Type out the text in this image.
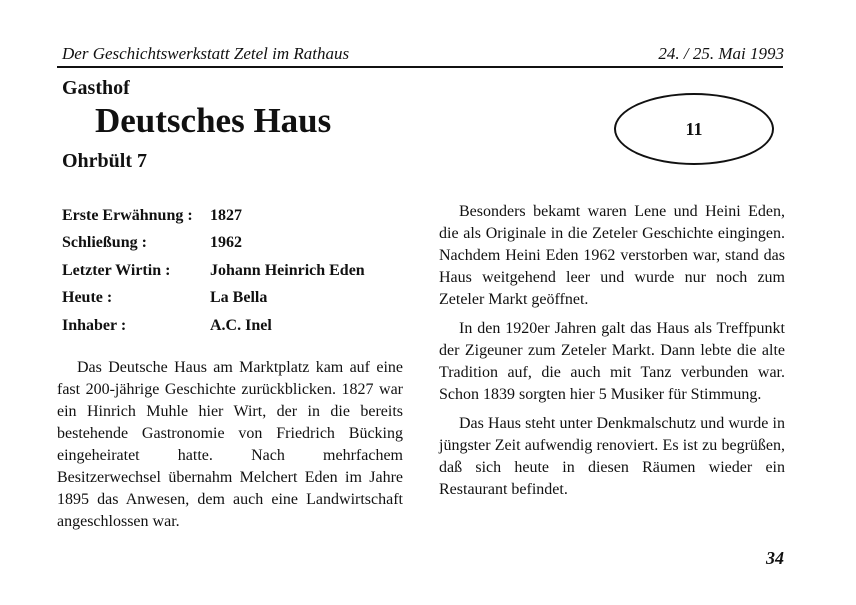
Der Geschichtswerkstatt Zetel im Rathaus	24. / 25. Mai 1993
Gasthof
Deutsches Haus
Ohrbült 7
11
Erste Erwähnung :	1827
Schließung :	1962
Letzter Wirtin :	Johann Heinrich Eden
Heute :	La Bella
Inhaber :	A.C. Inel

Das Deutsche Haus am Marktplatz kam auf eine fast 200-jährige Geschichte zurückblicken. 1827 war ein Hinrich Muhle hier Wirt, der in die bereits bestehende Gastronomie von Friedrich Bücking eingeheiratet hatte. Nach mehrfachem Besitzerwechsel übernahm Melchert Eden im Jahre 1895 das Anwesen, dem auch eine Landwirtschaft angeschlossen war.

Besonders bekamt waren Lene und Heini Eden, die als Originale in die Zeteler Geschichte eingingen. Nachdem Heini Eden 1962 verstorben war, stand das Haus weitgehend leer und wurde nur noch zum Zeteler Markt geöffnet.

In den 1920er Jahren galt das Haus als Treffpunkt der Zigeuner zum Zeteler Markt. Dann lebte die alte Tradition auf, die auch mit Tanz verbunden war. Schon 1839 sorgten hier 5 Musiker für Stimmung.

Das Haus steht unter Denkmalschutz und wurde in jüngster Zeit aufwendig renoviert. Es ist zu begrüßen, daß sich heute in diesen Räumen wieder ein Restaurant befindet.

34
